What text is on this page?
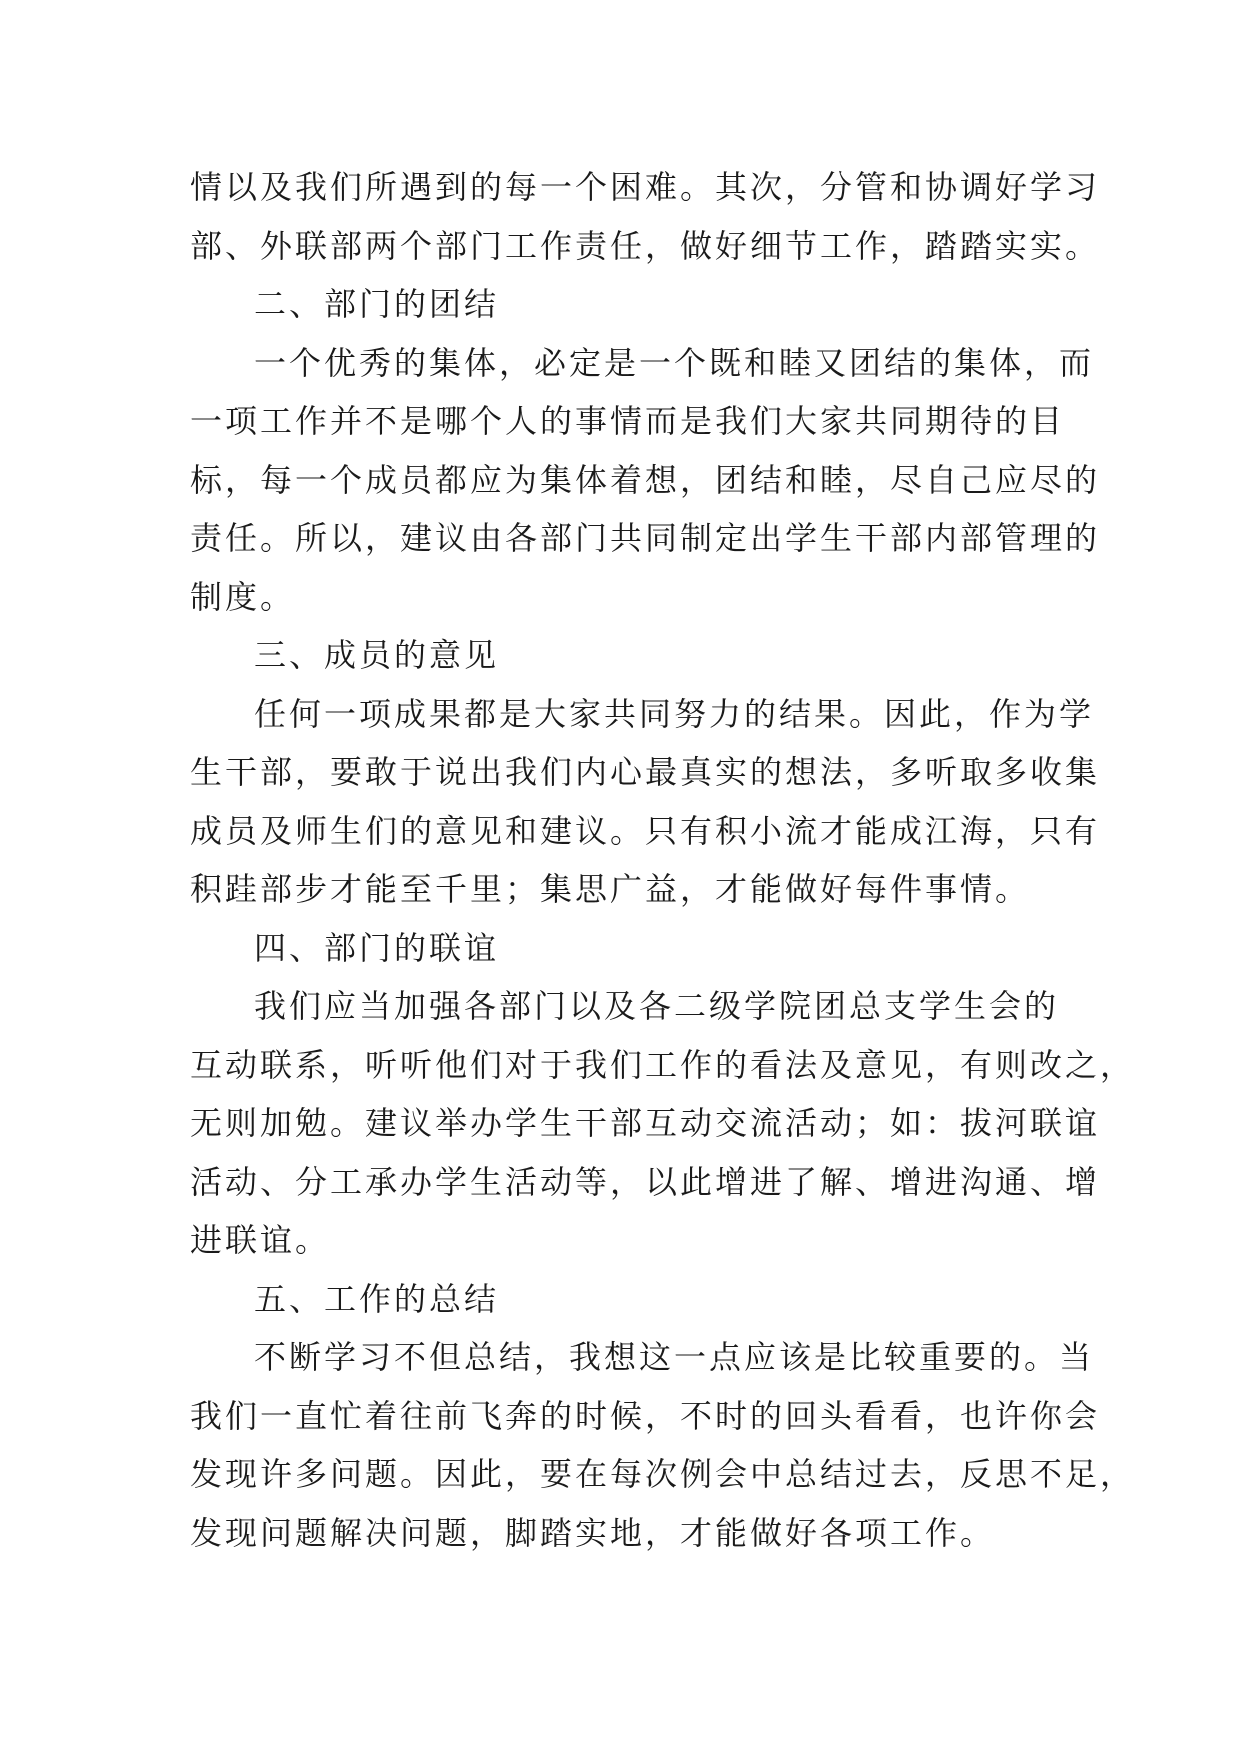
情以及我们所遇到的每一个困难。其次，分管和协调好学习

部、外联部两个部门工作责任，做好细节工作，踏踏实实。

二、部门的团结

一个优秀的集体，必定是一个既和睦又团结的集体，而

一项工作并不是哪个人的事情而是我们大家共同期待的目

标，每一个成员都应为集体着想，团结和睦，尽自己应尽的

责任。所以，建议由各部门共同制定出学生干部内部管理的

制度。

三、成员的意见

任何一项成果都是大家共同努力的结果。因此，作为学

生干部，要敢于说出我们内心最真实的想法，多听取多收集

成员及师生们的意见和建议。只有积小流才能成江海，只有

积跬部步才能至千里；集思广益，才能做好每件事情。

四、部门的联谊

我们应当加强各部门以及各二级学院团总支学生会的

互动联系，听听他们对于我们工作的看法及意见，有则改之，

无则加勉。建议举办学生干部互动交流活动；如：拔河联谊

活动、分工承办学生活动等，以此增进了解、增进沟通、增

进联谊。

五、工作的总结

不断学习不但总结，我想这一点应该是比较重要的。当

我们一直忙着往前飞奔的时候，不时的回头看看，也许你会

发现许多问题。因此，要在每次例会中总结过去，反思不足，

发现问题解决问题，脚踏实地，才能做好各项工作。
